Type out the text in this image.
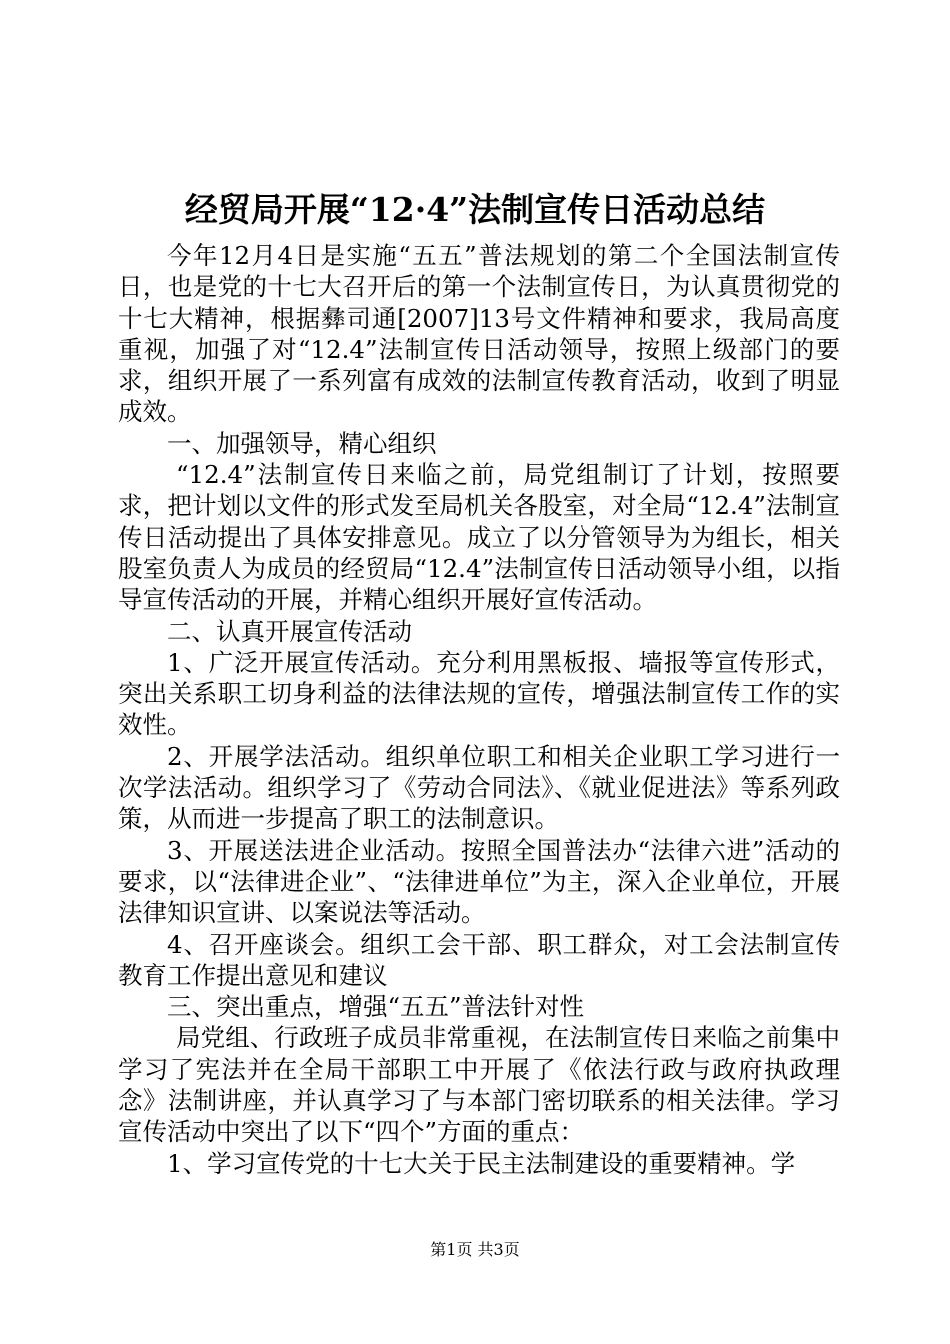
经贸局开展“12·4”法制宣传日活动总结

今年12月4日是实施“五五”普法规划的第二个全国法制宣传日，也是党的十七大召开后的第一个法制宣传日，为认真贯彻党的十七大精神，根据彝司通[2007]13号文件精神和要求，我局高度重视，加强了对“12.4”法制宣传日活动领导，按照上级部门的要求，组织开展了一系列富有成效的法制宣传教育活动，收到了明显成效。

一、加强领导，精心组织

“12.4”法制宣传日来临之前，局党组制订了计划，按照要求，把计划以文件的形式发至局机关各股室，对全局“12.4”法制宣传日活动提出了具体安排意见。成立了以分管领导为为组长，相关股室负责人为成员的经贸局“12.4”法制宣传日活动领导小组，以指导宣传活动的开展，并精心组织开展好宣传活动。

二、认真开展宣传活动

1、广泛开展宣传活动。充分利用黑板报、墙报等宣传形式，突出关系职工切身利益的法律法规的宣传，增强法制宣传工作的实效性。

2、开展学法活动。组织单位职工和相关企业职工学习进行一次学法活动。组织学习了《劳动合同法》、《就业促进法》等系列政策，从而进一步提高了职工的法制意识。

3、开展送法进企业活动。按照全国普法办“法律六进”活动的要求，以“法律进企业”、“法律进单位”为主，深入企业单位，开展法律知识宣讲、以案说法等活动。

4、召开座谈会。组织工会干部、职工群众，对工会法制宣传教育工作提出意见和建议

三、突出重点，增强“五五”普法针对性

局党组、行政班子成员非常重视，在法制宣传日来临之前集中学习了宪法并在全局干部职工中开展了《依法行政与政府执政理念》法制讲座，并认真学习了与本部门密切联系的相关法律。学习宣传活动中突出了以下“四个”方面的重点：

1、学习宣传党的十七大关于民主法制建设的重要精神。学

第1页 共3页
